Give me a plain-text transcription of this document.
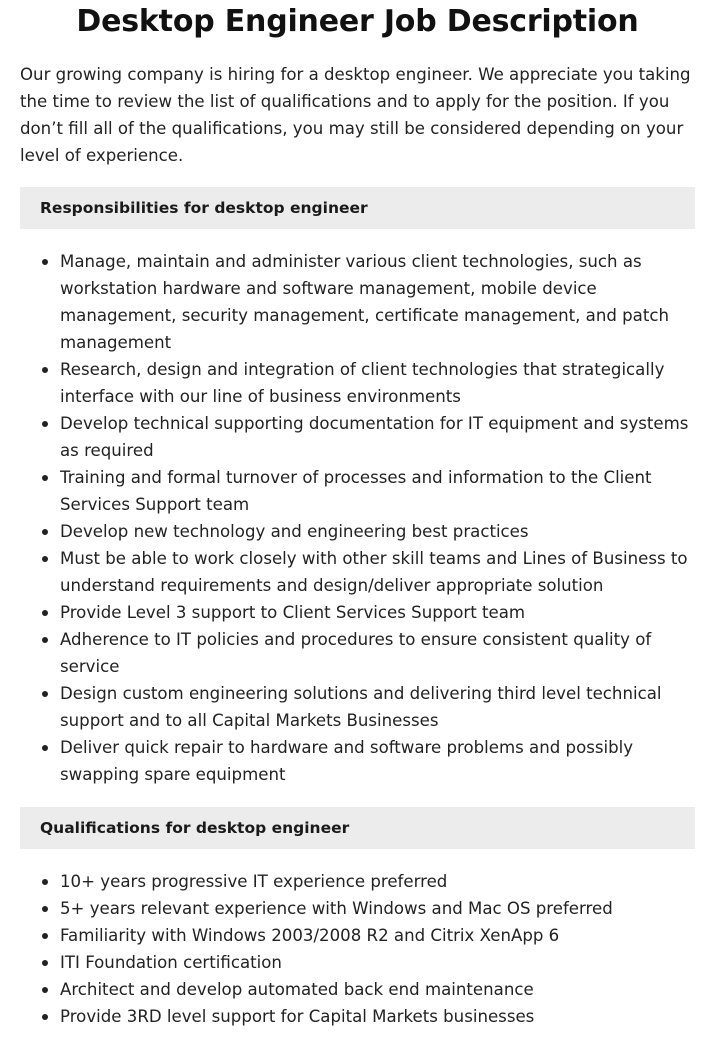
Desktop Engineer Job Description

Our growing company is hiring for a desktop engineer. We appreciate you taking the time to review the list of qualifications and to apply for the position. If you don’t fill all of the qualifications, you may still be considered depending on your level of experience.

Responsibilities for desktop engineer
Manage, maintain and administer various client technologies, such as workstation hardware and software management, mobile device management, security management, certificate management, and patch management
Research, design and integration of client technologies that strategically interface with our line of business environments
Develop technical supporting documentation for IT equipment and systems as required
Training and formal turnover of processes and information to the Client Services Support team
Develop new technology and engineering best practices
Must be able to work closely with other skill teams and Lines of Business to understand requirements and design/deliver appropriate solution
Provide Level 3 support to Client Services Support team
Adherence to IT policies and procedures to ensure consistent quality of service
Design custom engineering solutions and delivering third level technical support and to all Capital Markets Businesses
Deliver quick repair to hardware and software problems and possibly swapping spare equipment
Qualifications for desktop engineer
10+ years progressive IT experience preferred
5+ years relevant experience with Windows and Mac OS preferred
Familiarity with Windows 2003/2008 R2 and Citrix XenApp 6
ITI Foundation certification
Architect and develop automated back end maintenance
Provide 3RD level support for Capital Markets businesses
